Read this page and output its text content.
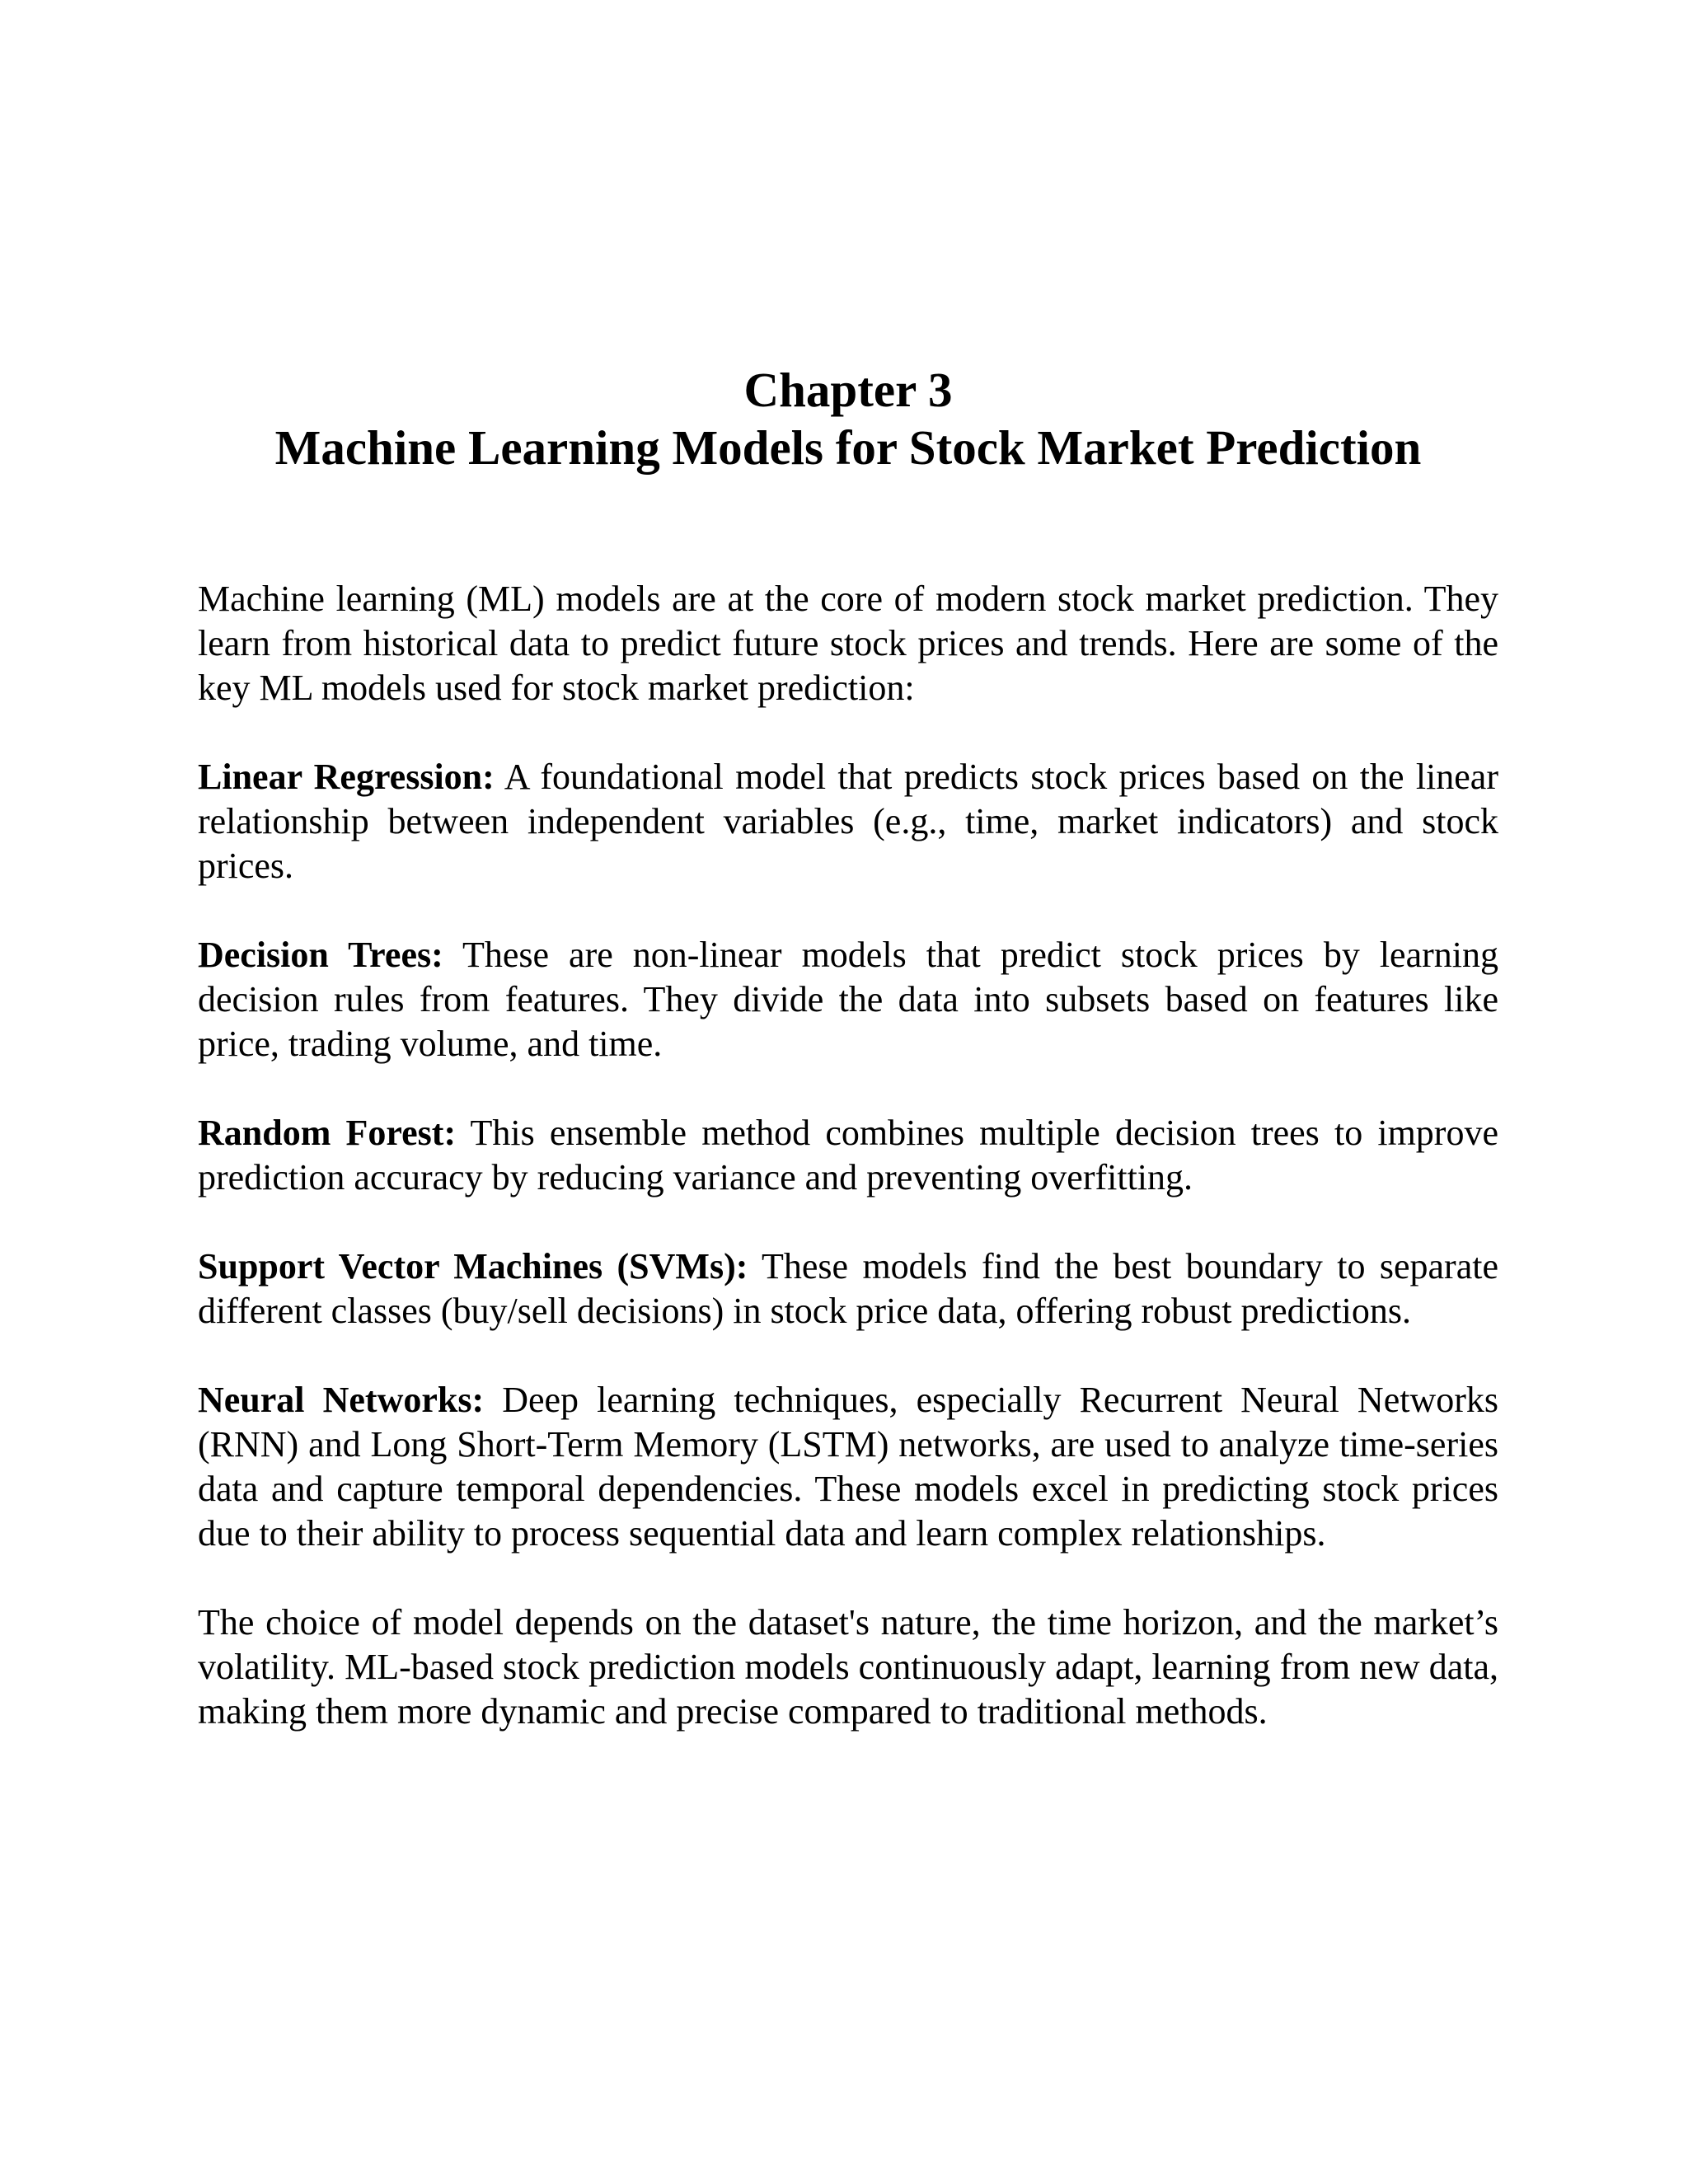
Chapter 3
Machine Learning Models for Stock Market Prediction

Machine learning (ML) models are at the core of modern stock market prediction. They learn from historical data to predict future stock prices and trends. Here are some of the key ML models used for stock market prediction:

Linear Regression: A foundational model that predicts stock prices based on the linear relationship between independent variables (e.g., time, market indicators) and stock prices.

Decision Trees: These are non-linear models that predict stock prices by learning decision rules from features. They divide the data into subsets based on features like price, trading volume, and time.

Random Forest: This ensemble method combines multiple decision trees to improve prediction accuracy by reducing variance and preventing overfitting.

Support Vector Machines (SVMs): These models find the best boundary to separate different classes (buy/sell decisions) in stock price data, offering robust predictions.

Neural Networks: Deep learning techniques, especially Recurrent Neural Networks (RNN) and Long Short-Term Memory (LSTM) networks, are used to analyze time-series data and capture temporal dependencies. These models excel in predicting stock prices due to their ability to process sequential data and learn complex relationships.

The choice of model depends on the dataset's nature, the time horizon, and the market’s volatility. ML-based stock prediction models continuously adapt, learning from new data, making them more dynamic and precise compared to traditional methods.
